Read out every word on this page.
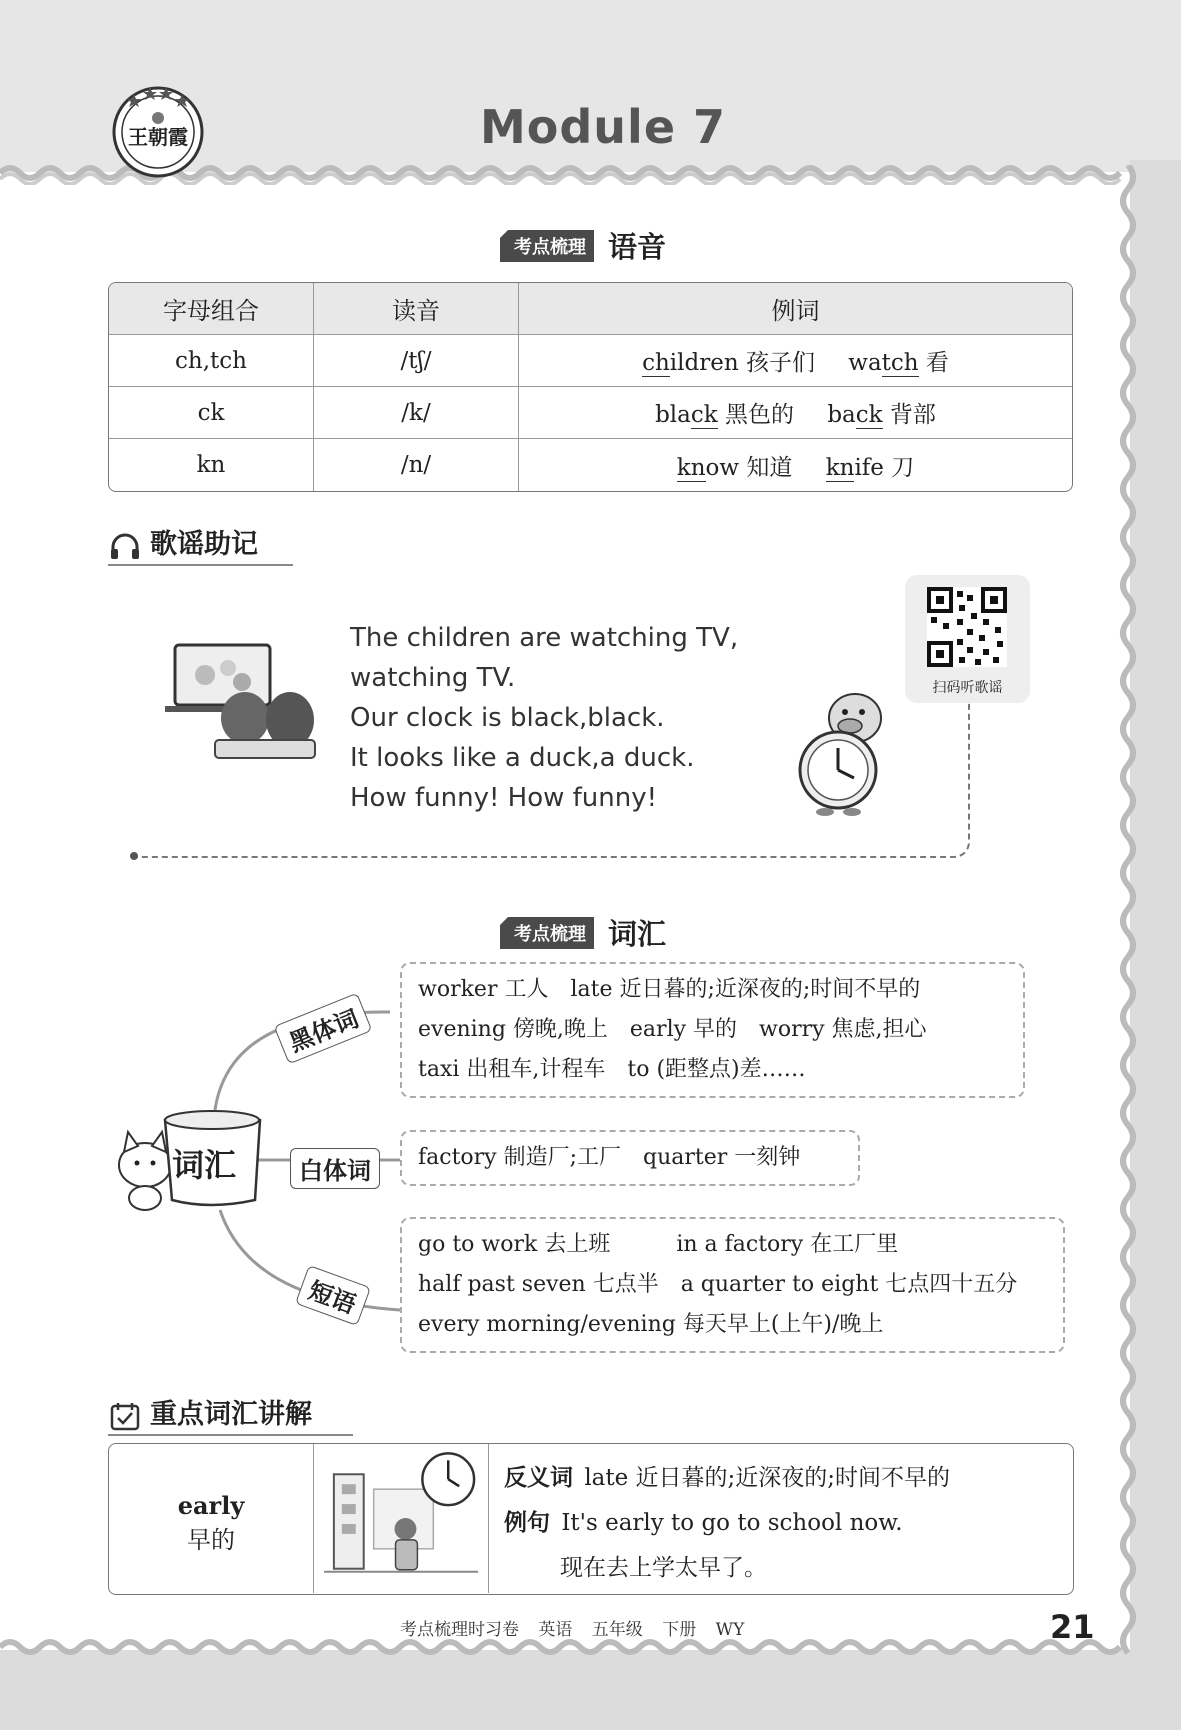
王朝霞	Module 7
考点梳理 语音
字母组合	读音	例词
ch,tch	/tʃ/	children 孩子们 watch 看
ck	/k/	black 黑色的 back 背部
kn	/n/	know 知道 knife 刀
歌谣助记
The children are watching TV,
watching TV.
Our clock is black,black.
It looks like a duck,a duck.
How funny! How funny!
扫码听歌谣
考点梳理 词汇
词汇
黑体词
白体词
短语
worker 工人　late 近日暮的;近深夜的;时间不早的
evening 傍晚,晚上　early 早的　worry 焦虑,担心
taxi 出租车,计程车　to (距整点)差……
factory 制造厂;工厂　quarter 一刻钟
go to work 去上班　　　in a factory 在工厂里
half past seven 七点半　a quarter to eight 七点四十五分
every morning/evening 每天早上(上午)/晚上
重点词汇讲解
early
早的
反义词 late 近日暮的;近深夜的;时间不早的
例句 It's early to go to school now.
现在去上学太早了。
考点梳理时习卷 英语 五年级 下册 WY	21
